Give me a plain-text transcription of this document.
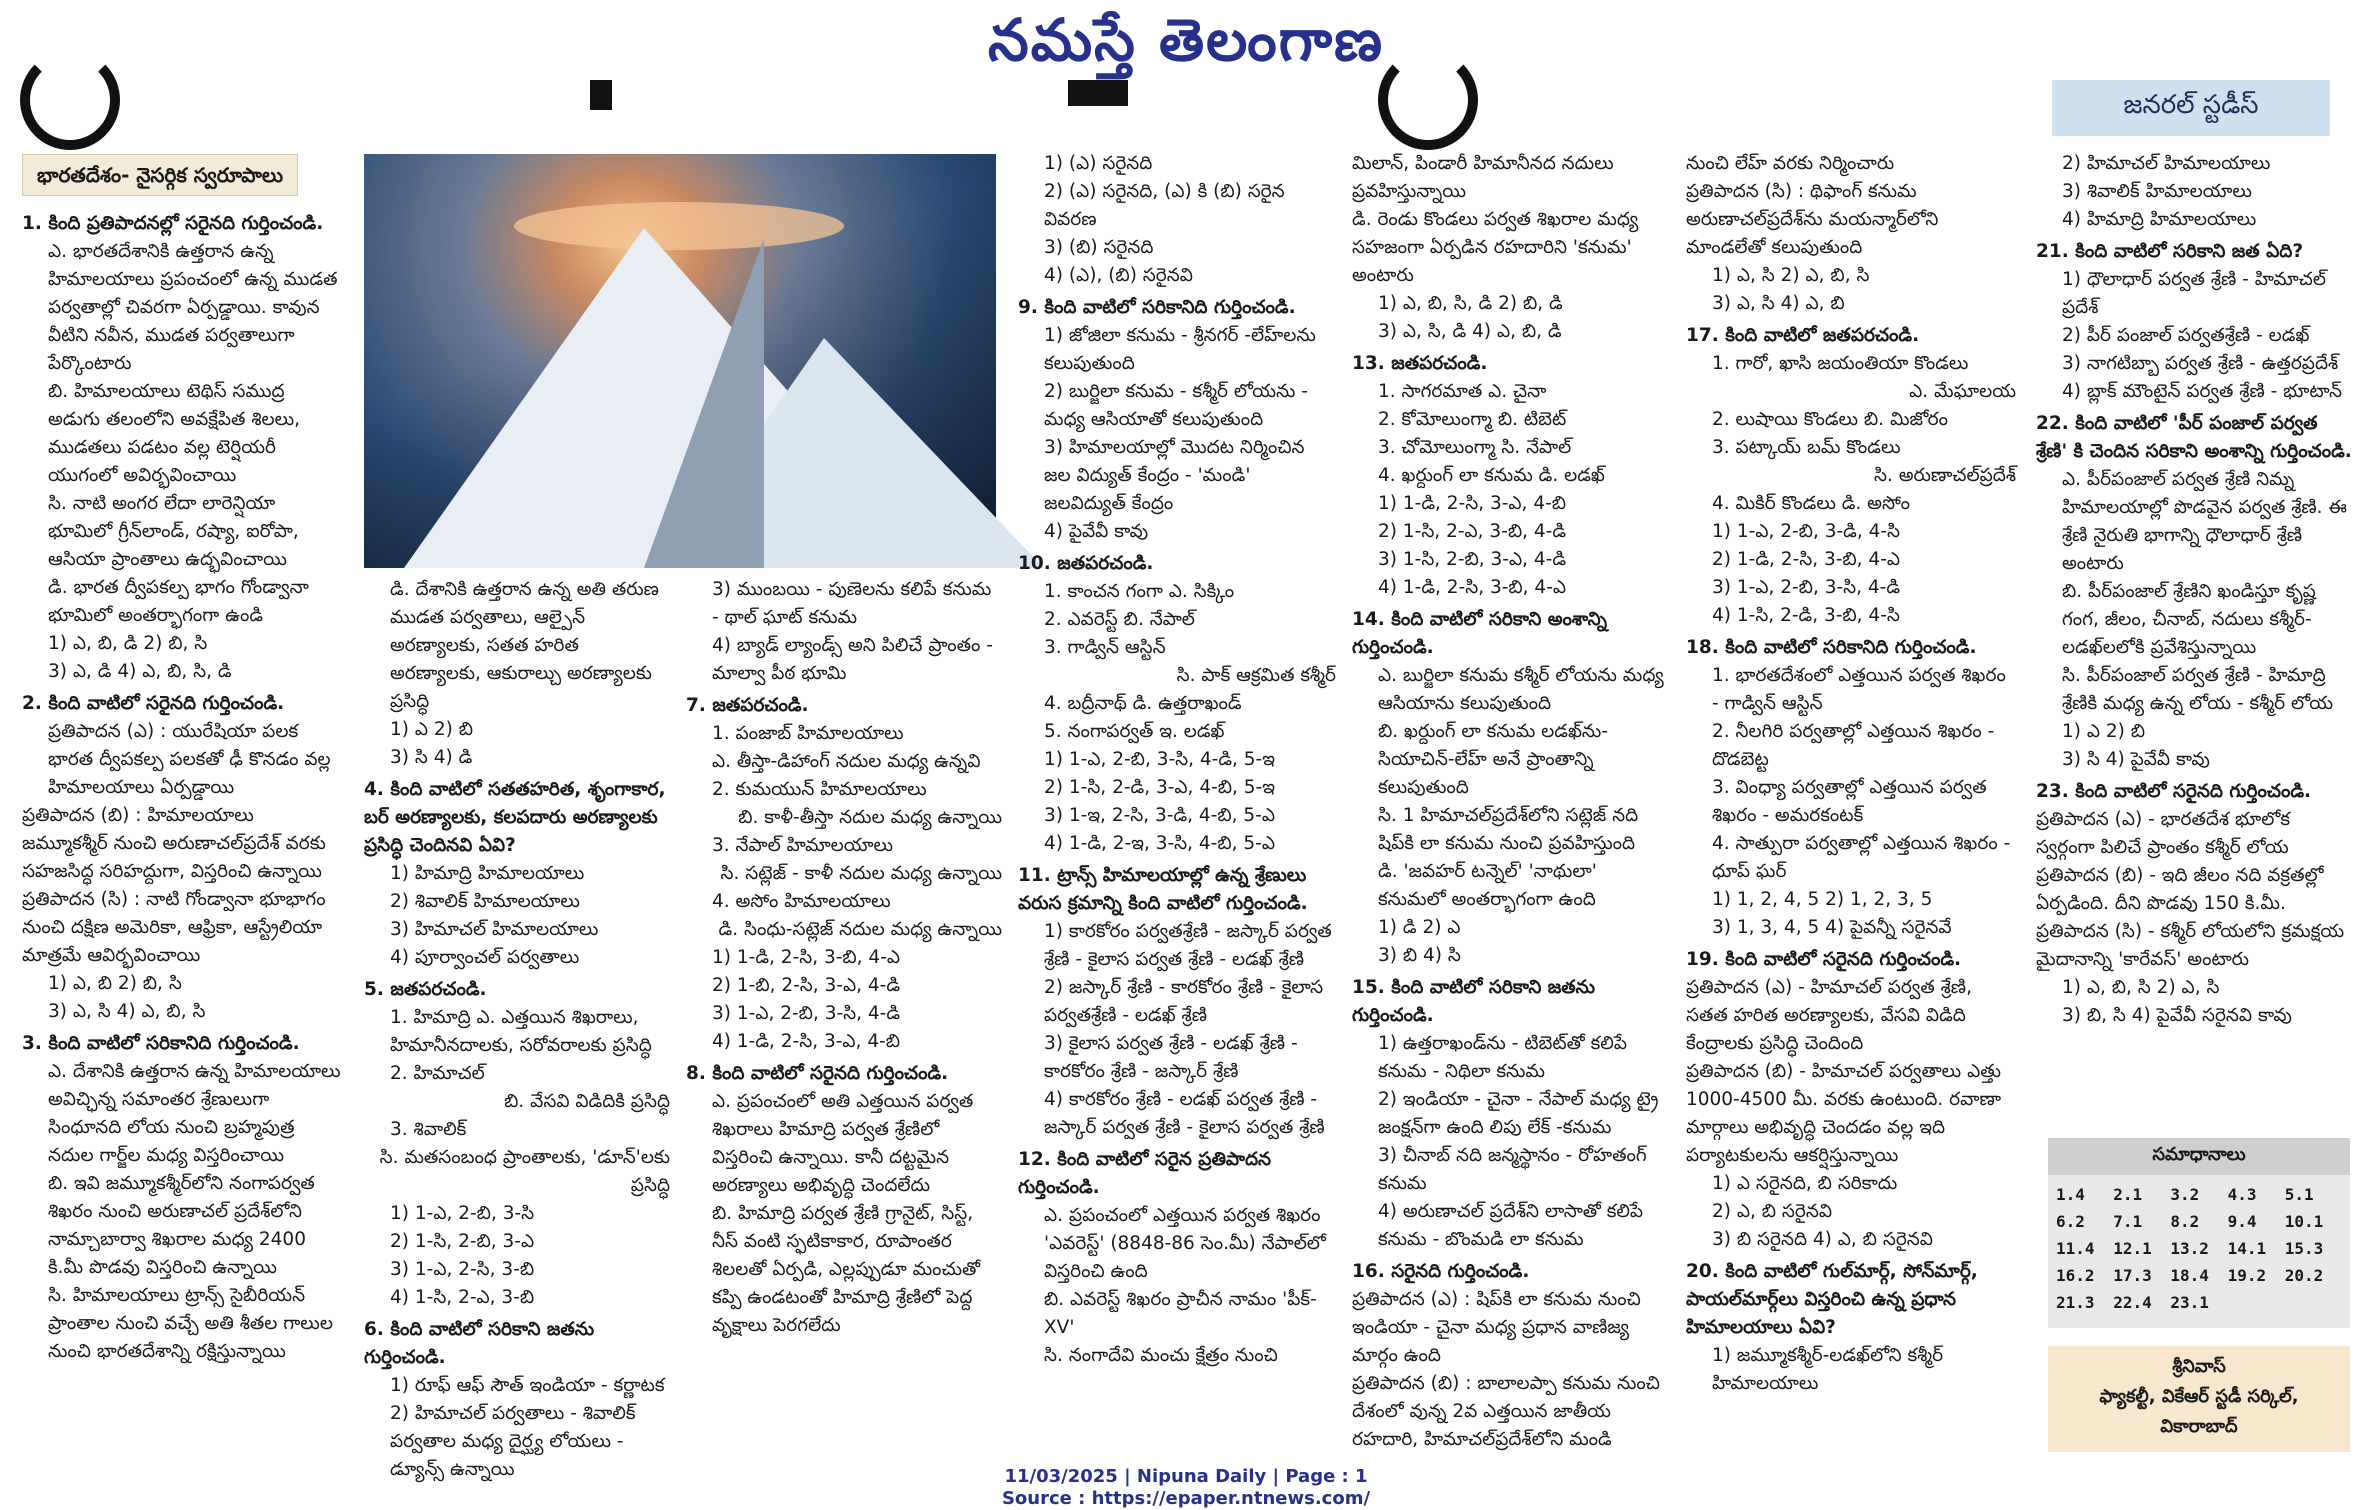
నమస్తే తెలంగాణ
జనరల్ స్టడీస్
భారతదేశం- నైసర్గిక స్వరూపాలు
1. కింది ప్రతిపాదనల్లో సరైనది గుర్తించండి.
ఎ. భారతదేశానికి ఉత్తరాన ఉన్న హిమాలయాలు ప్రపంచంలో ఉన్న ముడత పర్వతాల్లో చివరగా ఏర్పడ్డాయి. కావున వీటిని నవీన, ముడత పర్వతాలుగా పేర్కొంటారు
బి. హిమాలయాలు టెథిస్ సముద్ర అడుగు తలంలోని అవక్షేపిత శిలలు, ముడతలు పడటం వల్ల టెర్షియరీ యుగంలో అవిర్భవించాయి
సి. నాటి అంగర లేదా లారెన్షియా భూమిలో గ్రీన్‌లాండ్, రష్యా, ఐరోపా, ఆసియా ప్రాంతాలు ఉద్భవించాయి
డి. భారత ద్వీపకల్ప భాగం గోండ్వానా భూమిలో అంతర్భాగంగా ఉండి
1) ఎ, బి, డి 2) బి, సి
3) ఎ, డి 4) ఎ, బి, సి, డి
2. కింది వాటిలో సరైనది గుర్తించండి.
ప్రతిపాదన (ఎ) : యురేషియా పలక భారత ద్వీపకల్ప పలకతో ఢీ కొనడం వల్ల హిమాలయాలు ఏర్పడ్డాయి
ప్రతిపాదన (బి) : హిమాలయాలు జమ్మూకశ్మీర్ నుంచి అరుణాచల్‌ప్రదేశ్ వరకు సహజసిద్ధ సరిహద్దుగా, విస్తరించి ఉన్నాయి
ప్రతిపాదన (సి) : నాటి గోండ్వానా భూభాగం నుంచి దక్షిణ అమెరికా, ఆఫ్రికా, ఆస్ట్రేలియా మాత్రమే ఆవిర్భవించాయి
1) ఎ, బి 2) బి, సి
3) ఎ, సి 4) ఎ, బి, సి
3. కింది వాటిలో సరికానిది గుర్తించండి.
ఎ. దేశానికి ఉత్తరాన ఉన్న హిమాలయాలు అవిచ్ఛిన్న సమాంతర శ్రేణులుగా సింధూనది లోయ నుంచి బ్రహ్మపుత్ర నదుల గార్జ్‌ల మధ్య విస్తరించాయి
బి. ఇవి జమ్మూకశ్మీర్‌లోని నంగాపర్వత శిఖరం నుంచి అరుణాచల్ ప్రదేశ్‌లోని నామ్చాబార్వా శిఖరాల మధ్య 2400 కి.మీ పొడవు విస్తరించి ఉన్నాయి
సి. హిమాలయాలు ట్రాన్స్ సైబీరియన్ ప్రాంతాల నుంచి వచ్చే అతి శీతల గాలుల నుంచి భారతదేశాన్ని రక్షిస్తున్నాయి
డి. దేశానికి ఉత్తరాన ఉన్న అతి తరుణ ముడత పర్వతాలు, ఆల్పైన్ అరణ్యాలకు, సతత హరిత అరణ్యాలకు, ఆకురాల్చు అరణ్యాలకు ప్రసిద్ధి
1) ఎ 2) బి
3) సి 4) డి
4. కింది వాటిలో సతతహరిత, శృంగాకార, బర్ అరణ్యాలకు, కలపదారు అరణ్యాలకు ప్రసిద్ధి చెందినవి ఏవి?
1) హిమాద్రి హిమాలయాలు
2) శివాలిక్ హిమాలయాలు
3) హిమాచల్ హిమాలయాలు
4) పూర్వాంచల్ పర్వతాలు
5. జతపరచండి.
1. హిమాద్రి ఎ. ఎత్తయిన శిఖరాలు, హిమానీనదాలకు, సరోవరాలకు ప్రసిద్ధి
2. హిమాచల్
బి. వేసవి విడిదికి ప్రసిద్ధి
3. శివాలిక్
సి. మతసంబంధ ప్రాంతాలకు, 'డూన్‌'లకు ప్రసిద్ధి
1) 1-ఎ, 2-బి, 3-సి
2) 1-సి, 2-బి, 3-ఎ
3) 1-ఎ, 2-సి, 3-బి
4) 1-సి, 2-ఎ, 3-బి
6. కింది వాటిలో సరికాని జతను గుర్తించండి.
1) రూఫ్ ఆఫ్ సౌత్ ఇండియా - కర్ణాటక
2) హిమాచల్ పర్వతాలు - శివాలిక్ పర్వతాల మధ్య దైర్ఘ్య లోయలు - డ్యూన్స్ ఉన్నాయి
3) ముంబయి - పుణెలను కలిపే కనుమ - థాల్ ఘాట్ కనుమ
4) బ్యాడ్ ల్యాండ్స్ అని పిలిచే ప్రాంతం - మాల్వా పీఠ భూమి
7. జతపరచండి.
1. పంజాబ్ హిమాలయాలు
ఎ. తీస్తా-డిహాంగ్ నదుల మధ్య ఉన్నవి
2. కుమయున్ హిమాలయాలు
బి. కాళీ-తీస్తా నదుల మధ్య ఉన్నాయి
3. నేపాల్ హిమాలయాలు
సి. సట్లెజ్ - కాళీ నదుల మధ్య ఉన్నాయి
4. అసోం హిమాలయాలు
డి. సింధు-సట్లెజ్ నదుల మధ్య ఉన్నాయి
1) 1-డి, 2-సి, 3-బి, 4-ఎ
2) 1-బి, 2-సి, 3-ఎ, 4-డి
3) 1-ఎ, 2-బి, 3-సి, 4-డి
4) 1-డి, 2-సి, 3-ఎ, 4-బి
8. కింది వాటిలో సరైనది గుర్తించండి.
ఎ. ప్రపంచంలో అతి ఎత్తయిన పర్వత శిఖరాలు హిమాద్రి పర్వత శ్రేణిలో విస్తరించి ఉన్నాయి. కానీ దట్టమైన అరణ్యాలు అభివృద్ధి చెందలేదు
బి. హిమాద్రి పర్వత శ్రేణి గ్రానైట్, సిస్ట్, నీస్ వంటి స్ఫటికాకార, రూపాంతర శిలలతో ఏర్పడి, ఎల్లప్పుడూ మంచుతో కప్పి ఉండటంతో హిమాద్రి శ్రేణిలో పెద్ద వృక్షాలు పెరగలేదు
1) (ఎ) సరైనది
2) (ఎ) సరైనది, (ఎ) కి (బి) సరైన వివరణ
3) (బి) సరైనది
4) (ఎ), (బి) సరైనవి
9. కింది వాటిలో సరికానిది గుర్తించండి.
1) జోజిలా కనుమ - శ్రీనగర్ -లేహ్‌లను కలుపుతుంది
2) బుర్జిలా కనుమ - కశ్మీర్ లోయను - మధ్య ఆసియాతో కలుపుతుంది
3) హిమాలయాల్లో మొదట నిర్మించిన జల విద్యుత్ కేంద్రం - 'మండి' జలవిద్యుత్ కేంద్రం
4) పైవేవీ కావు
10. జతపరచండి.
1. కాంచన గంగా ఎ. సిక్కిం
2. ఎవరెస్ట్ బి. నేపాల్
3. గాడ్విన్ ఆస్టిన్
సి. పాక్ ఆక్రమిత కశ్మీర్
4. బద్రీనాథ్ డి. ఉత్తరాఖండ్
5. నంగాపర్వత్ ఇ. లడఖ్
1) 1-ఎ, 2-బి, 3-సి, 4-డి, 5-ఇ
2) 1-సి, 2-డి, 3-ఎ, 4-బి, 5-ఇ
3) 1-ఇ, 2-సి, 3-డి, 4-బి, 5-ఎ
4) 1-డి, 2-ఇ, 3-సి, 4-బి, 5-ఎ
11. ట్రాన్స్ హిమాలయాల్లో ఉన్న శ్రేణులు వరుస క్రమాన్ని కింది వాటిలో గుర్తించండి.
1) కారకోరం పర్వతశ్రేణి - జస్కార్ పర్వత శ్రేణి - కైలాస పర్వత శ్రేణి - లడఖ్ శ్రేణి
2) జస్కార్ శ్రేణి - కారకోరం శ్రేణి - కైలాస పర్వతశ్రేణి - లడఖ్ శ్రేణి
3) కైలాస పర్వత శ్రేణి - లడఖ్ శ్రేణి - కారకోరం శ్రేణి - జస్కార్ శ్రేణి
4) కారకోరం శ్రేణి - లడఖ్ పర్వత శ్రేణి - జస్కార్ పర్వత శ్రేణి - కైలాస పర్వత శ్రేణి
12. కింది వాటిలో సరైన ప్రతిపాదన గుర్తించండి.
ఎ. ప్రపంచంలో ఎత్తయిన పర్వత శిఖరం 'ఎవరెస్ట్' (8848-86 సెం.మీ) నేపాల్‌లో విస్తరించి ఉంది
బి. ఎవరెస్ట్ శిఖరం ప్రాచీన నామం 'పీక్-XV'
సి. నంగాదేవి మంచు క్షేత్రం నుంచి
మిలాన్, పిండారీ హిమానీనద నదులు ప్రవహిస్తున్నాయి
డి. రెండు కొండలు పర్వత శిఖరాల మధ్య సహజంగా ఏర్పడిన రహదారిని 'కనుమ' అంటారు
1) ఎ, బి, సి, డి 2) బి, డి
3) ఎ, సి, డి 4) ఎ, బి, డి
13. జతపరచండి.
1. సాగరమాత ఎ. చైనా
2. కోమోలుంగ్మా బి. టిబెట్
3. చోమోలుంగ్మా సి. నేపాల్
4. ఖర్దుంగ్ లా కనుమ డి. లడఖ్
1) 1-డి, 2-సి, 3-ఎ, 4-బి
2) 1-సి, 2-ఎ, 3-బి, 4-డి
3) 1-సి, 2-బి, 3-ఎ, 4-డి
4) 1-డి, 2-సి, 3-బి, 4-ఎ
14. కింది వాటిలో సరికాని అంశాన్ని గుర్తించండి.
ఎ. బుర్జిలా కనుమ కశ్మీర్ లోయను మధ్య ఆసియాను కలుపుతుంది
బి. ఖర్దుంగ్ లా కనుమ లడఖ్‌ను-సియాచిన్-లేహ్ అనే ప్రాంతాన్ని కలుపుతుంది
సి. 1 హిమాచల్‌ప్రదేశ్‌లోని సట్లెజ్ నది షిప్‌కి లా కనుమ నుంచి ప్రవహిస్తుంది
డి. 'జవహర్ టన్నెల్' 'నాథులా' కనుమలో అంతర్భాగంగా ఉంది
1) డి 2) ఎ
3) బి 4) సి
15. కింది వాటిలో సరికాని జతను గుర్తించండి.
1) ఉత్తరాఖండ్‌ను - టిబెట్‌తో కలిపే కనుమ - నిథిలా కనుమ
2) ఇండియా - చైనా - నేపాల్ మధ్య ట్రై జంక్షన్‌గా ఉంది లిపు లేక్ -కనుమ
3) చీనాబ్ నది జన్మస్థానం - రోహతంగ్ కనుమ
4) అరుణాచల్ ప్రదేశ్‌ని లాసాతో కలిపే కనుమ - బొంమడి లా కనుమ
16. సరైనది గుర్తించండి.
ప్రతిపాదన (ఎ) : షిప్‌కి లా కనుమ నుంచి ఇండియా - చైనా మధ్య ప్రధాన వాణిజ్య మార్గం ఉంది
ప్రతిపాదన (బి) : బాలాలప్పా కనుమ నుంచి దేశంలో వున్న 2వ ఎత్తయిన జాతీయ రహదారి, హిమాచల్‌ప్రదేశ్‌లోని మండి
నుంచి లేహ్ వరకు నిర్మించారు
ప్రతిపాదన (సి) : థిఫాంగ్ కనుమ అరుణాచల్‌ప్రదేశ్‌ను మయన్మార్‌లోని మాండలేతో కలుపుతుంది
1) ఎ, సి 2) ఎ, బి, సి
3) ఎ, సి 4) ఎ, బి
17. కింది వాటిలో జతపరచండి.
1. గారో, ఖాసి జయంతియా కొండలు
ఎ. మేఘాలయ
2. లుషాయి కొండలు బి. మిజోరం
3. పట్కాయ్ బమ్ కొండలు
సి. అరుణాచల్‌ప్రదేశ్
4. మికిర్ కొండలు డి. అసోం
1) 1-ఎ, 2-బి, 3-డి, 4-సి
2) 1-డి, 2-సి, 3-బి, 4-ఎ
3) 1-ఎ, 2-బి, 3-సి, 4-డి
4) 1-సి, 2-డి, 3-బి, 4-సి
18. కింది వాటిలో సరికానిది గుర్తించండి.
1. భారతదేశంలో ఎత్తయిన పర్వత శిఖరం - గాడ్విన్ ఆస్టిన్
2. నీలగిరి పర్వతాల్లో ఎత్తయిన శిఖరం - దొడబెట్ట
3. వింధ్యా పర్వతాల్లో ఎత్తయిన పర్వత శిఖరం - అమరకంటక్
4. సాత్పురా పర్వతాల్లో ఎత్తయిన శిఖరం - ధూప్ ఘర్
1) 1, 2, 4, 5 2) 1, 2, 3, 5
3) 1, 3, 4, 5 4) పైవన్నీ సరైనవే
19. కింది వాటిలో సరైనది గుర్తించండి.
ప్రతిపాదన (ఎ) - హిమాచల్ పర్వత శ్రేణి, సతత హరిత అరణ్యాలకు, వేసవి విడిది కేంద్రాలకు ప్రసిద్ధి చెందింది
ప్రతిపాదన (బి) - హిమాచల్ పర్వతాలు ఎత్తు 1000-4500 మీ. వరకు ఉంటుంది. రవాణా మార్గాలు అభివృద్ధి చెందడం వల్ల ఇది పర్యాటకులను ఆకర్షిస్తున్నాయి
1) ఎ సరైనది, బి సరికాదు
2) ఎ, బి సరైనవి
3) బి సరైనది 4) ఎ, బి సరైనవి
20. కింది వాటిలో గుల్‌మార్గ్, సోన్‌మార్గ్, పాయల్‌మార్గ్‌లు విస్తరించి ఉన్న ప్రధాన హిమాలయాలు ఏవి?
1) జమ్మూకశ్మీర్-లడఖ్‌లోని కశ్మీర్ హిమాలయాలు
2) హిమాచల్ హిమాలయాలు
3) శివాలిక్ హిమాలయాలు
4) హిమాద్రి హిమాలయాలు
21. కింది వాటిలో సరికాని జత ఏది?
1) ధౌలాధార్ పర్వత శ్రేణి - హిమాచల్ ప్రదేశ్
2) పీర్ పంజాల్ పర్వతశ్రేణి - లడఖ్
3) నాగటిబ్బా పర్వత శ్రేణి - ఉత్తరప్రదేశ్
4) బ్లాక్ మౌంటైన్ పర్వత శ్రేణి - భూటాన్
22. కింది వాటిలో 'పీర్ పంజాల్ పర్వత శ్రేణి' కి చెందిన సరికాని అంశాన్ని గుర్తించండి.
ఎ. పీర్‌పంజాల్ పర్వత శ్రేణి నిమ్న హిమాలయాల్లో పొడవైన పర్వత శ్రేణి. ఈ శ్రేణి నైరుతి భాగాన్ని ధౌలాధార్ శ్రేణి అంటారు
బి. పీర్‌పంజాల్ శ్రేణిని ఖండిస్తూ కృష్ణ గంగ, జీలం, చీనాబ్, నదులు కశ్మీర్-లడఖ్‌లలోకి ప్రవేశిస్తున్నాయి
సి. పీర్‌పంజాల్ పర్వత శ్రేణి - హిమాద్రి శ్రేణికి మధ్య ఉన్న లోయ - కశ్మీర్ లోయ
1) ఎ 2) బి
3) సి 4) పైవేవీ కావు
23. కింది వాటిలో సరైనది గుర్తించండి.
ప్రతిపాదన (ఎ) - భారతదేశ భూలోక స్వర్గంగా పిలిచే ప్రాంతం కశ్మీర్ లోయ
ప్రతిపాదన (బి) - ఇది జీలం నది వక్రతల్లో ఏర్పడింది. దీని పొడవు 150 కి.మీ.
ప్రతిపాదన (సి) - కశ్మీర్ లోయలోని క్రమక్షయ మైదానాన్ని 'కారేవస్' అంటారు
1) ఎ, బి, సి 2) ఎ, సి
3) బి, సి 4) పైవేవీ సరైనవి కావు
సమాధానాలు
1.4	2.1	3.2	4.3	5.1
6.2	7.1	8.2	9.4	10.1
11.4	12.1	13.2	14.1	15.3
16.2	17.3	18.4	19.2	20.2
21.3	22.4	23.1		
శ్రీనివాస్
ఫ్యాకల్టీ, వికేఆర్ స్టడీ సర్కిల్,
వికారాబాద్
11/03/2025 | Nipuna Daily | Page : 1
Source : https://epaper.ntnews.com/
